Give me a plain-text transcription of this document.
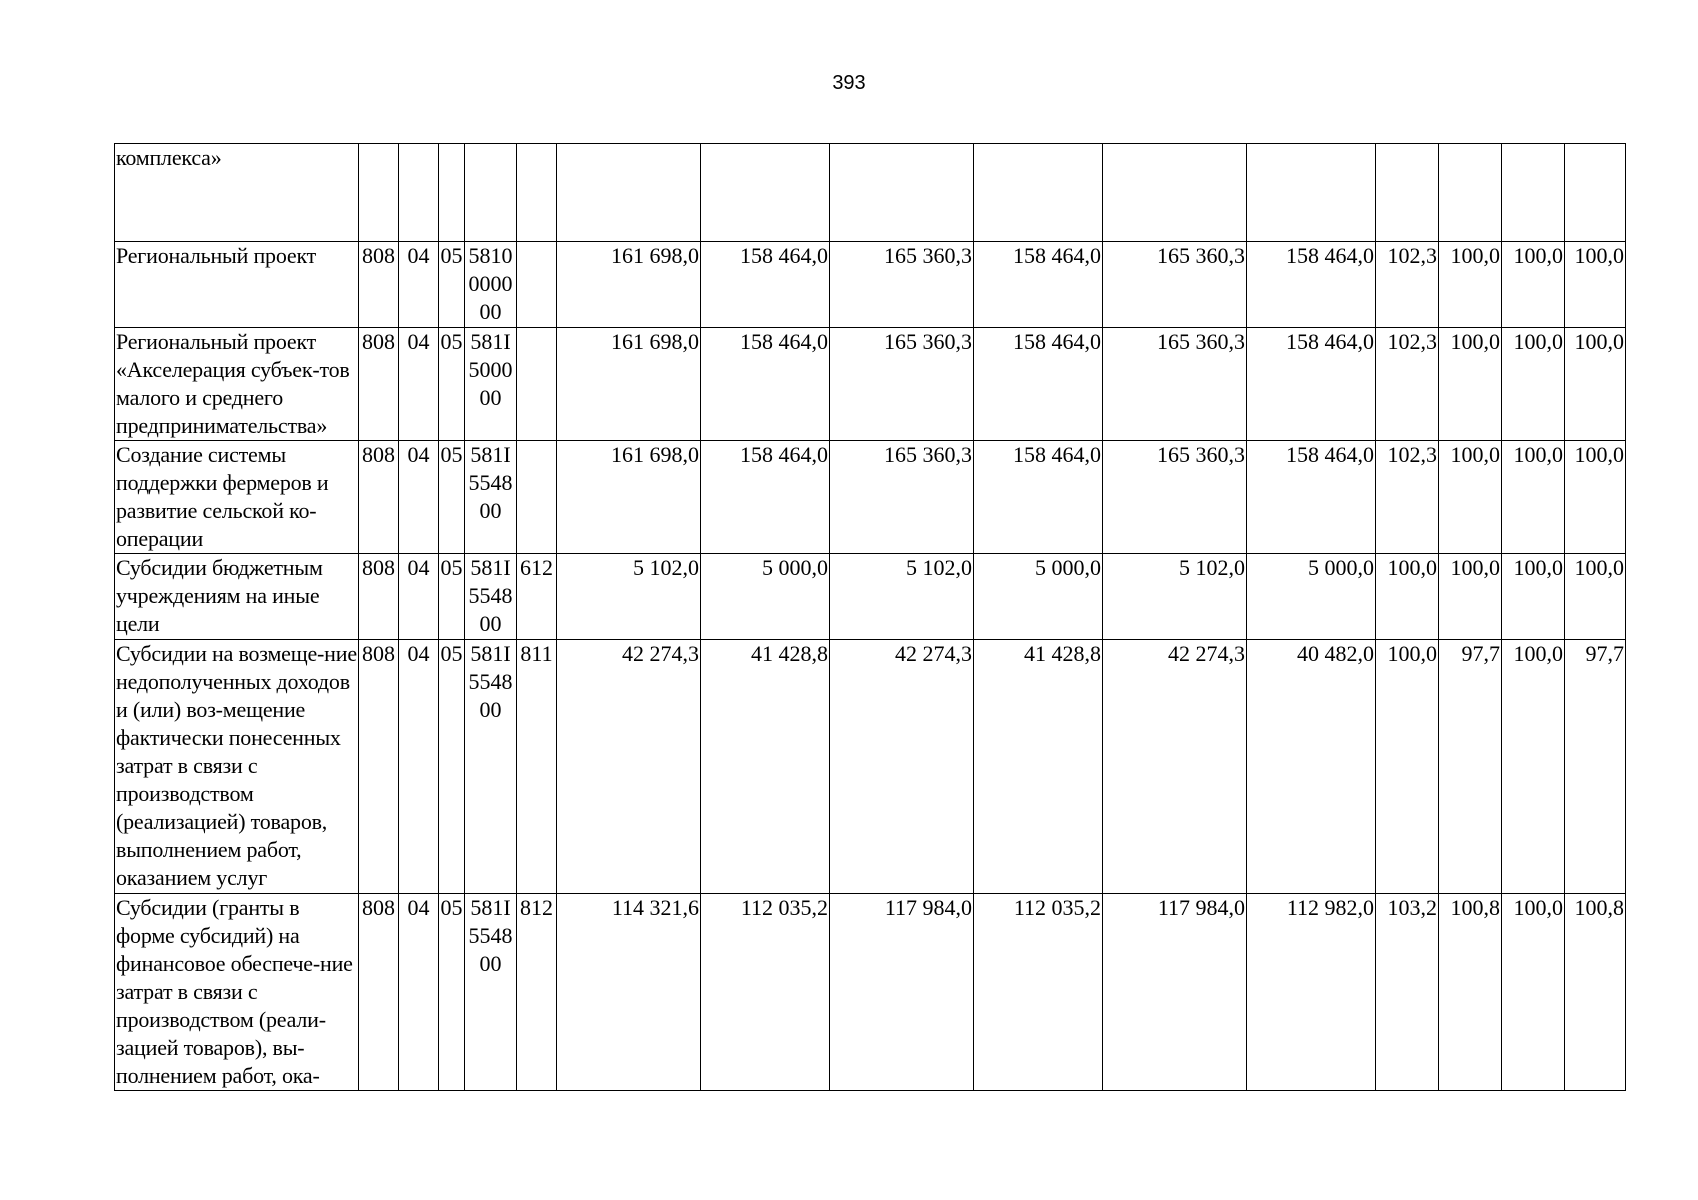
393
комплекса»															
Региональный проект	808	04	05	5810000000		161 698,0	158 464,0	165 360,3	158 464,0	165 360,3	158 464,0	102,3	100,0	100,0	100,0
Региональный проект «Акселерация субъек-тов малого и среднего предпринимательства»	808	04	05	581I500000		161 698,0	158 464,0	165 360,3	158 464,0	165 360,3	158 464,0	102,3	100,0	100,0	100,0
Создание системы поддержки фермеров и развитие сельской ко-операции	808	04	05	581I554800		161 698,0	158 464,0	165 360,3	158 464,0	165 360,3	158 464,0	102,3	100,0	100,0	100,0
Субсидии бюджетным учреждениям на иные цели	808	04	05	581I554800	612	5 102,0	5 000,0	5 102,0	5 000,0	5 102,0	5 000,0	100,0	100,0	100,0	100,0
Субсидии на возмеще-ние недополученных доходов и (или) воз-мещение фактически понесенных затрат в связи с производством (реализацией) товаров, выполнением работ, оказанием услуг	808	04	05	581I554800	811	42 274,3	41 428,8	42 274,3	41 428,8	42 274,3	40 482,0	100,0	97,7	100,0	97,7
Субсидии (гранты в форме субсидий) на финансовое обеспече-ние затрат в связи с производством (реали-зацией товаров), вы-полнением работ, ока-	808	04	05	581I554800	812	114 321,6	112 035,2	117 984,0	112 035,2	117 984,0	112 982,0	103,2	100,8	100,0	100,8
